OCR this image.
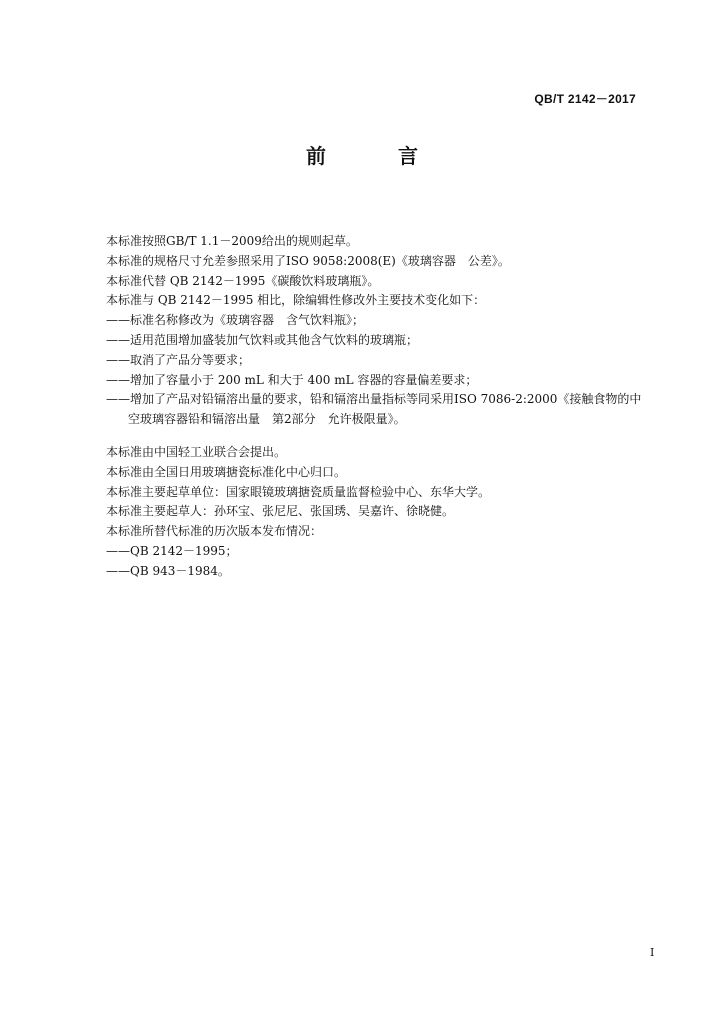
QB/T 2142－2017
前　言
本标准按照GB/T 1.1－2009给出的规则起草。
本标准的规格尺寸允差参照采用了ISO 9058:2008(E)《玻璃容器　公差》。
本标准代替 QB 2142－1995《碳酸饮料玻璃瓶》。
本标准与 QB 2142－1995 相比，除编辑性修改外主要技术变化如下：
——标准名称修改为《玻璃容器　含气饮料瓶》；
——适用范围增加盛装加气饮料或其他含气饮料的玻璃瓶；
——取消了产品分等要求；
——增加了容量小于 200 mL 和大于 400 mL 容器的容量偏差要求；
——增加了产品对铅镉溶出量的要求，铅和镉溶出量指标等同采用ISO 7086-2:2000《接触食物的中
空玻璃容器铅和镉溶出量　第2部分　允许极限量》。
本标准由中国轻工业联合会提出。
本标准由全国日用玻璃搪瓷标准化中心归口。
本标准主要起草单位：国家眼镜玻璃搪瓷质量监督检验中心、东华大学。
本标准主要起草人：孙环宝、张尼尼、张国琇、吴嘉许、徐晓健。
本标准所替代标准的历次版本发布情况：
——QB 2142－1995；
——QB 943－1984。
I
